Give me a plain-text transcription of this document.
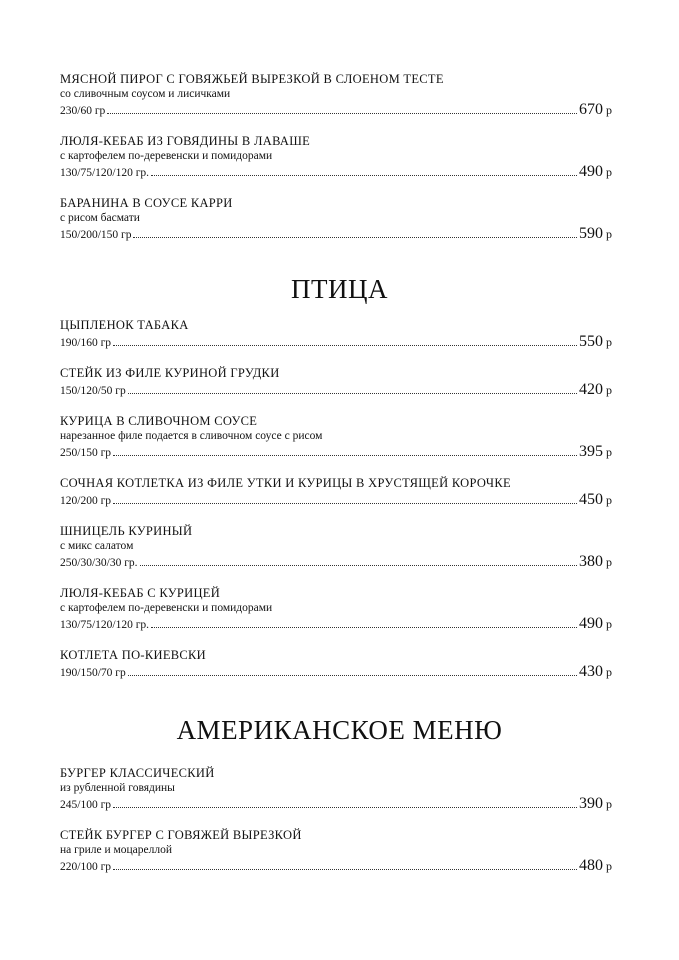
МЯСНОЙ ПИРОГ С ГОВЯЖЬЕЙ ВЫРЕЗКОЙ В СЛОЕНОМ ТЕСТЕ
со сливочным соусом и лисичками
230/60 гр	670 р
ЛЮЛЯ-КЕБАБ ИЗ ГОВЯДИНЫ В ЛАВАШЕ
с картофелем по-деревенски и помидорами
130/75/120/120 гр.	490 р
БАРАНИНА В СОУСЕ КАРРИ
с рисом басмати
150/200/150 гр	590 р
ПТИЦА
ЦЫПЛЕНОК ТАБАКА
190/160 гр	550 р
СТЕЙК ИЗ ФИЛЕ КУРИНОЙ ГРУДКИ
150/120/50 гр	420 р
КУРИЦА В СЛИВОЧНОМ СОУСЕ
нарезанное филе подается в сливочном соусе с рисом
250/150 гр	395 р
СОЧНАЯ КОТЛЕТКА ИЗ ФИЛЕ УТКИ И КУРИЦЫ В ХРУСТЯЩЕЙ КОРОЧКЕ
120/200 гр	450 р
ШНИЦЕЛЬ КУРИНЫЙ
с микс салатом
250/30/30/30 гр.	380 р
ЛЮЛЯ-КЕБАБ С КУРИЦЕЙ
с картофелем по-деревенски и помидорами
130/75/120/120 гр.	490 р
КОТЛЕТА ПО-КИЕВСКИ
190/150/70 гр	430 р
АМЕРИКАНСКОЕ МЕНЮ
БУРГЕР КЛАССИЧЕСКИЙ
из рубленной говядины
245/100 гр	390 р
СТЕЙК БУРГЕР С ГОВЯЖЕЙ ВЫРЕЗКОЙ
на гриле и моцареллой
220/100 гр	480 р
